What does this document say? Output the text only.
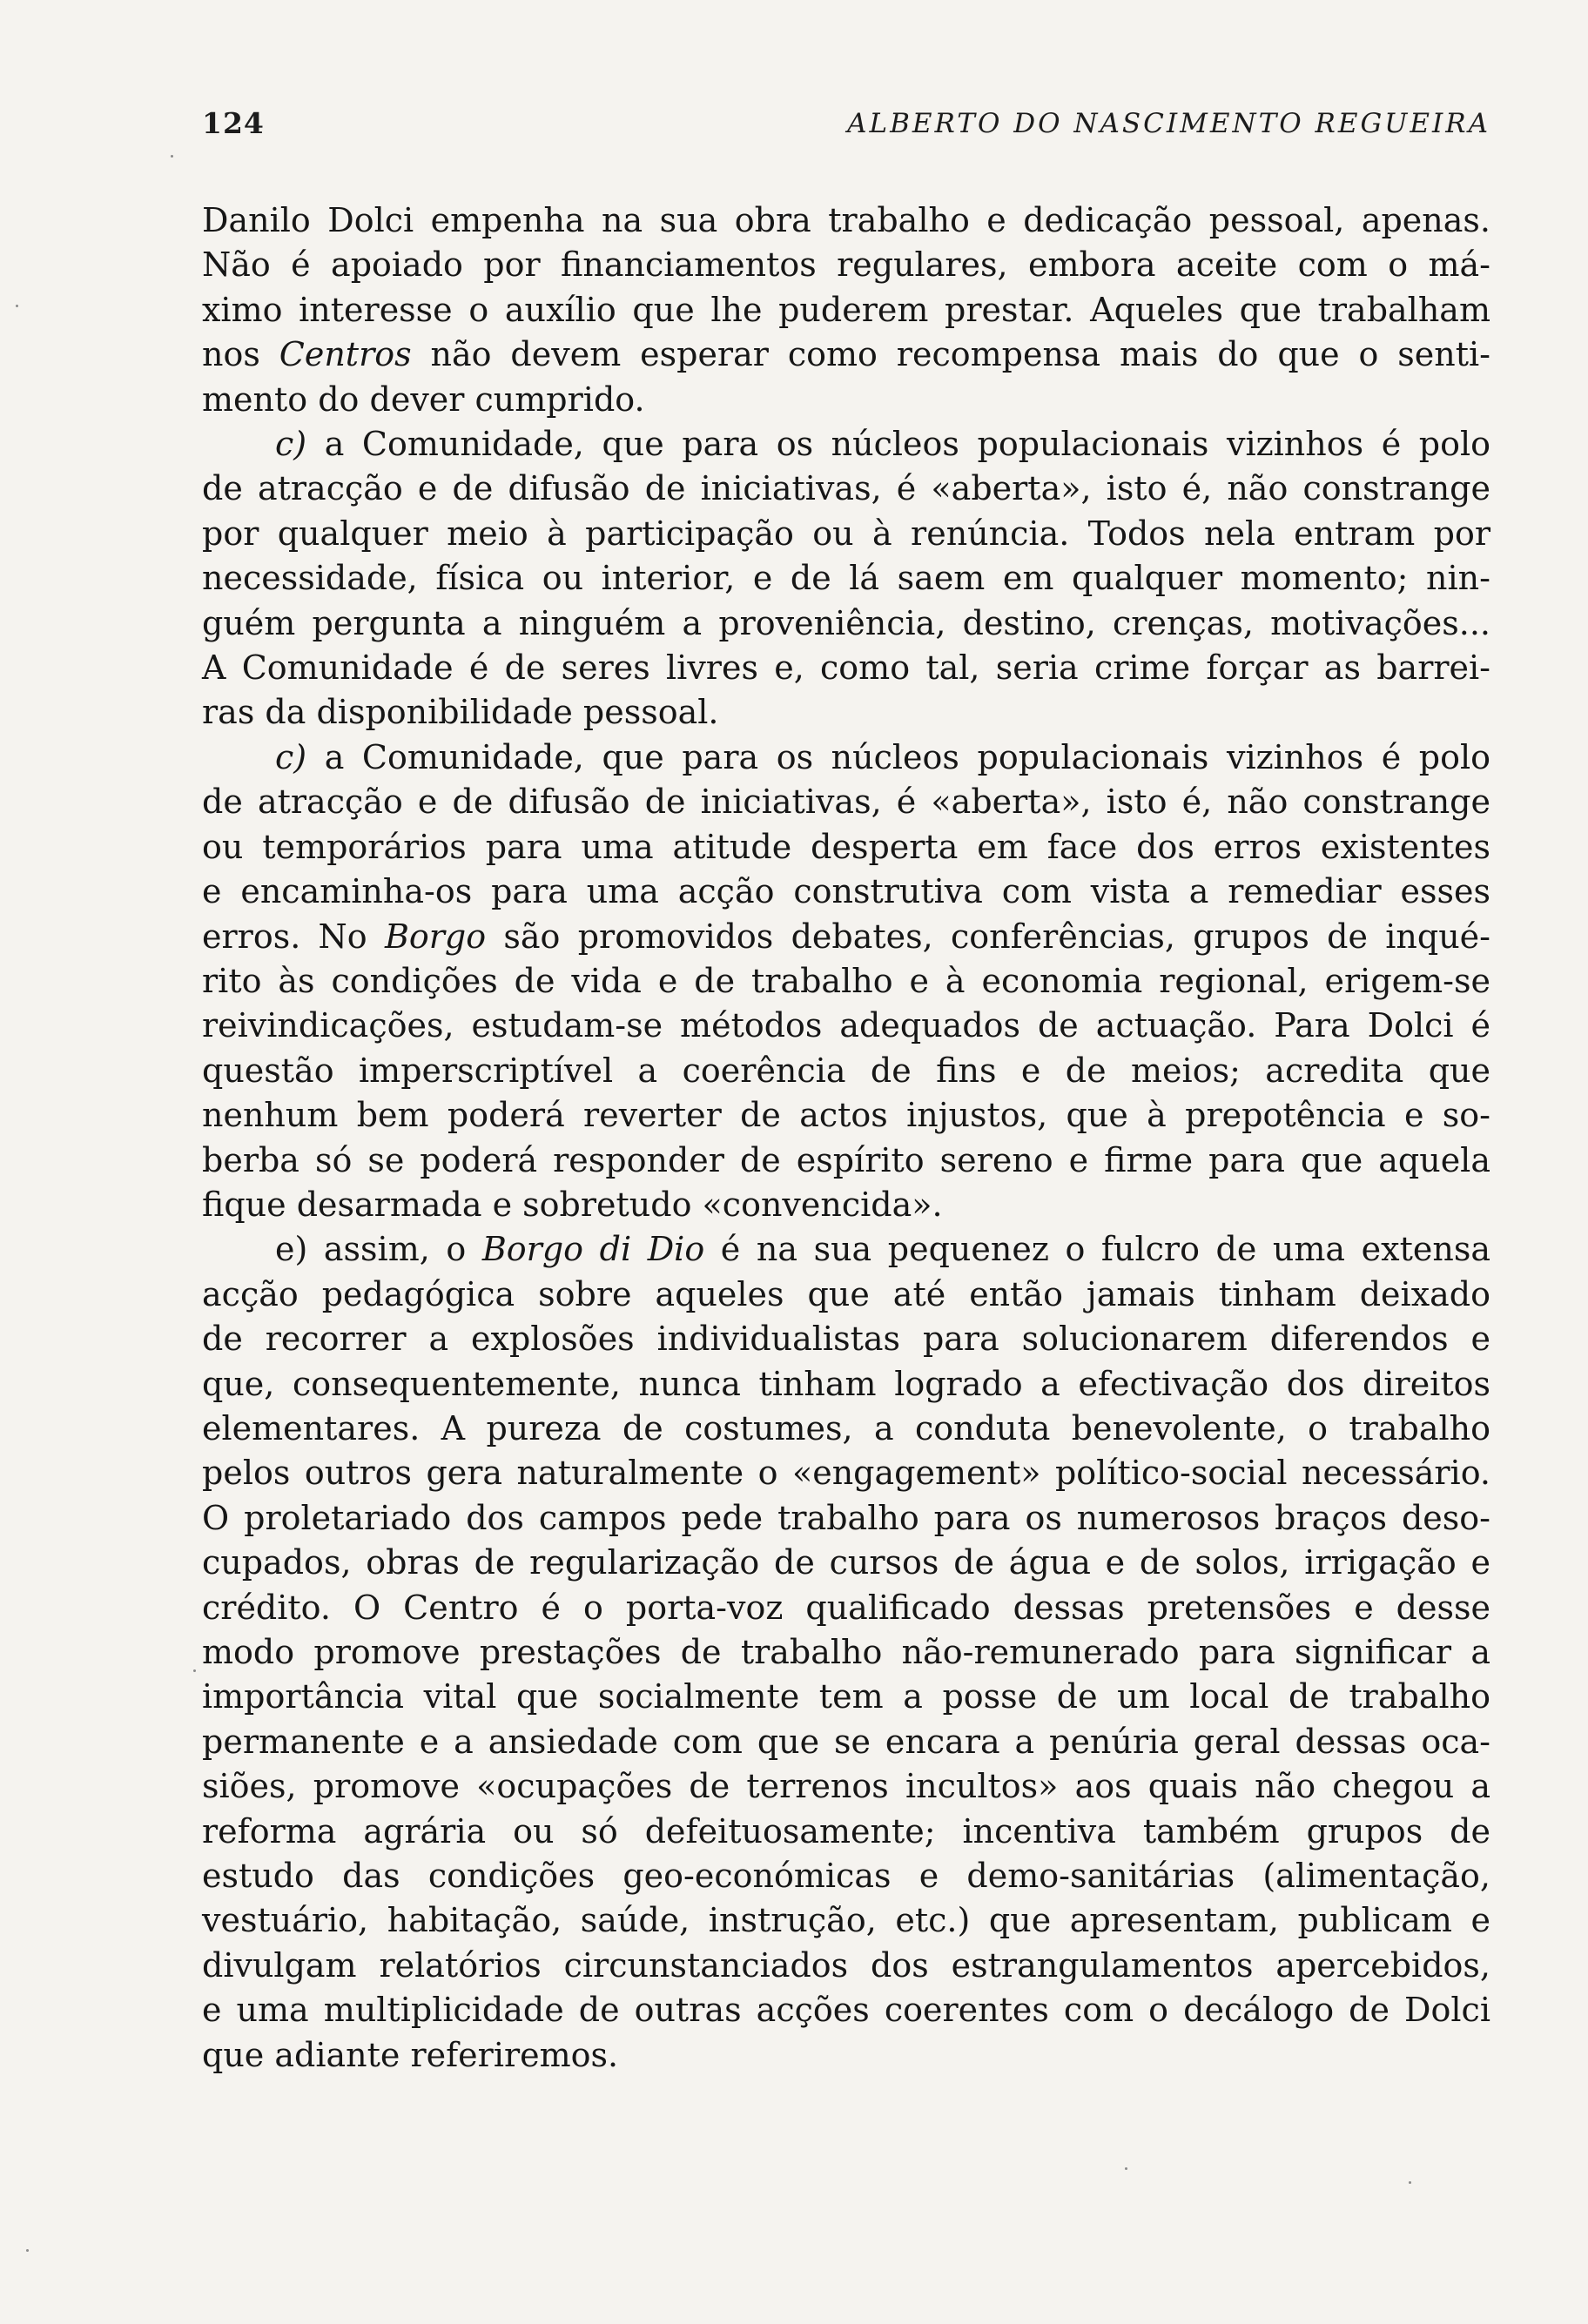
124	ALBERTO DO NASCIMENTO REGUEIRA

Danilo Dolci empenha na sua obra trabalho e dedicação pessoal, apenas.
Não é apoiado por financiamentos regulares, embora aceite com o má-
ximo interesse o auxílio que lhe puderem prestar. Aqueles que trabalham
nos Centros não devem esperar como recompensa mais do que o senti-
mento do dever cumprido.

c) a Comunidade, que para os núcleos populacionais vizinhos é polo
de atracção e de difusão de iniciativas, é «aberta», isto é, não constrange
por qualquer meio à participação ou à renúncia. Todos nela entram por
necessidade, física ou interior, e de lá saem em qualquer momento; nin-
guém pergunta a ninguém a proveniência, destino, crenças, motivações...
A Comunidade é de seres livres e, como tal, seria crime forçar as barrei-
ras da disponibilidade pessoal.

c) a Comunidade, que para os núcleos populacionais vizinhos é polo
de atracção e de difusão de iniciativas, é «aberta», isto é, não constrange
ou temporários para uma atitude desperta em face dos erros existentes
e encaminha-os para uma acção construtiva com vista a remediar esses
erros. No Borgo são promovidos debates, conferências, grupos de inqué-
rito às condições de vida e de trabalho e à economia regional, erigem-se
reivindicações, estudam-se métodos adequados de actuação. Para Dolci é
questão imperscriptível a coerência de fins e de meios; acredita que
nenhum bem poderá reverter de actos injustos, que à prepotência e so-
berba só se poderá responder de espírito sereno e firme para que aquela
fique desarmada e sobretudo «convencida».

e) assim, o Borgo di Dio é na sua pequenez o fulcro de uma extensa
acção pedagógica sobre aqueles que até então jamais tinham deixado
de recorrer a explosões individualistas para solucionarem diferendos e
que, consequentemente, nunca tinham logrado a efectivação dos direitos
elementares. A pureza de costumes, a conduta benevolente, o trabalho
pelos outros gera naturalmente o «engagement» político-social necessário.
O proletariado dos campos pede trabalho para os numerosos braços deso-
cupados, obras de regularização de cursos de água e de solos, irrigação e
crédito. O Centro é o porta-voz qualificado dessas pretensões e desse
modo promove prestações de trabalho não-remunerado para significar a
importância vital que socialmente tem a posse de um local de trabalho
permanente e a ansiedade com que se encara a penúria geral dessas oca-
siões, promove «ocupações de terrenos incultos» aos quais não chegou a
reforma agrária ou só defeituosamente; incentiva também grupos de
estudo das condições geo-económicas e demo-sanitárias (alimentação,
vestuário, habitação, saúde, instrução, etc.) que apresentam, publicam e
divulgam relatórios circunstanciados dos estrangulamentos apercebidos,
e uma multiplicidade de outras acções coerentes com o decálogo de Dolci
que adiante referiremos.
